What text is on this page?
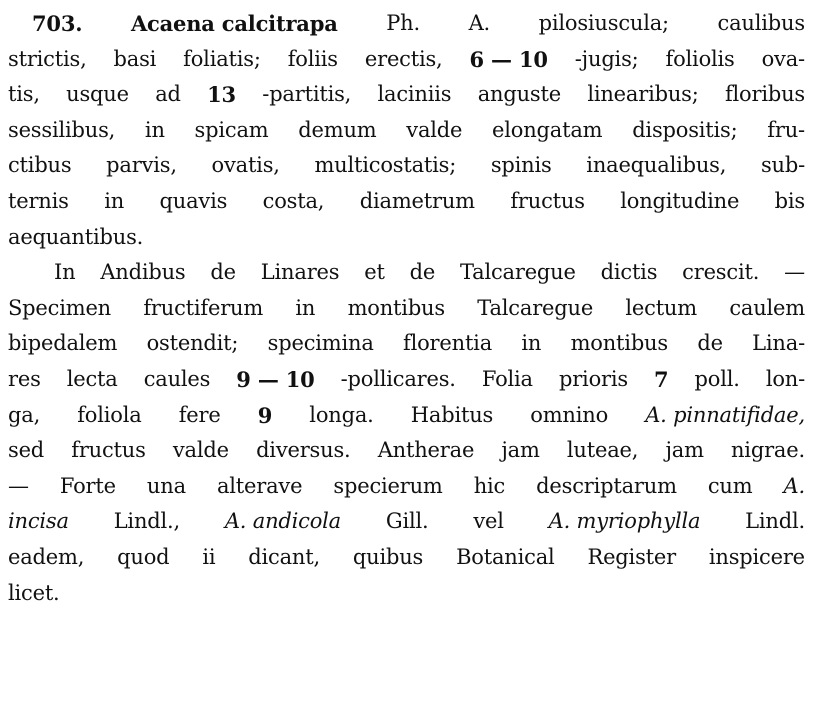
703. Acaena calcitrapa Ph. A. pilosiuscula; caulibus
strictis, basi foliatis; foliis erectis, 6 — 10 -jugis; foliolis ova-
tis, usque ad 13 -partitis, laciniis anguste linearibus; floribus
sessilibus, in spicam demum valde elongatam dispositis; fru-
ctibus parvis, ovatis, multicostatis; spinis inaequalibus, sub-
ternis in quavis costa, diametrum fructus longitudine bis
aequantibus.
In Andibus de Linares et de Talcaregue dictis crescit. —
Specimen fructiferum in montibus Talcaregue lectum caulem
bipedalem ostendit; specimina florentia in montibus de Lina-
res lecta caules 9 — 10 -pollicares. Folia prioris 7 poll. lon-
ga, foliola fere 9 longa. Habitus omnino A. pinnatifidae,
sed fructus valde diversus. Antherae jam luteae, jam nigrae.
— Forte una alterave specierum hic descriptarum cum A.
incisa Lindl., A. andicola Gill. vel A. myriophylla Lindl.
eadem, quod ii dicant, quibus Botanical Register inspicere
licet.
